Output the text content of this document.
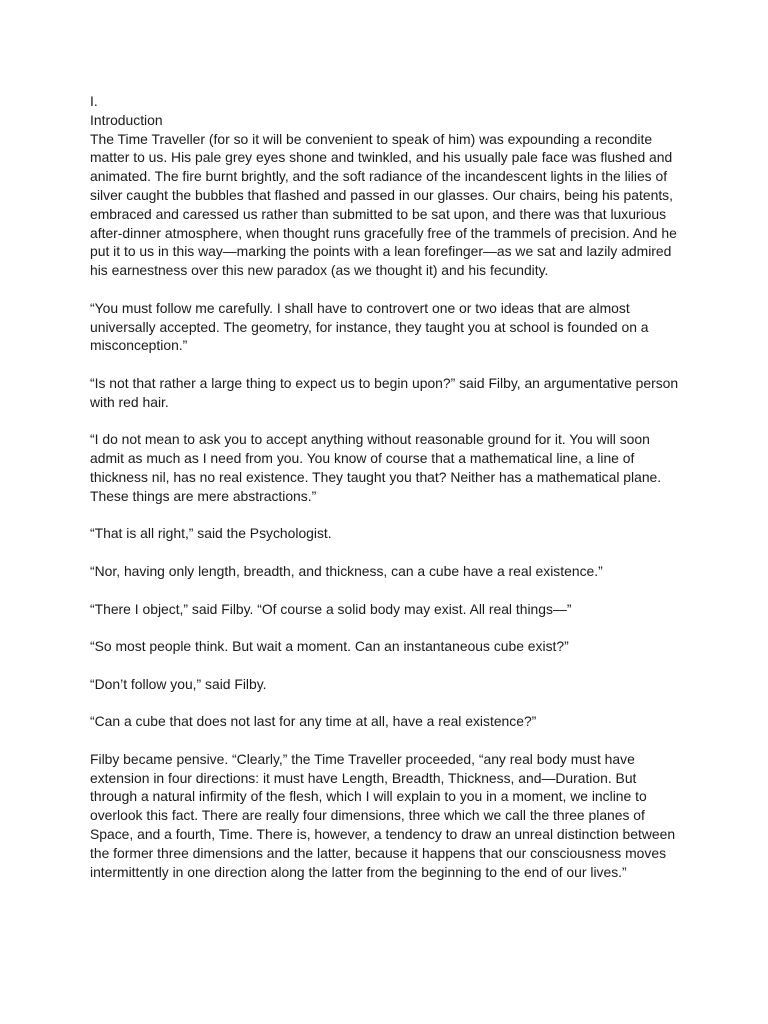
I.

Introduction

The Time Traveller (for so it will be convenient to speak of him) was expounding a recondite matter to us. His pale grey eyes shone and twinkled, and his usually pale face was flushed and animated. The fire burnt brightly, and the soft radiance of the incandescent lights in the lilies of silver caught the bubbles that flashed and passed in our glasses. Our chairs, being his patents, embraced and caressed us rather than submitted to be sat upon, and there was that luxurious after-dinner atmosphere, when thought runs gracefully free of the trammels of precision. And he put it to us in this way—marking the points with a lean forefinger—as we sat and lazily admired his earnestness over this new paradox (as we thought it) and his fecundity.

“You must follow me carefully. I shall have to controvert one or two ideas that are almost universally accepted. The geometry, for instance, they taught you at school is founded on a misconception.”

“Is not that rather a large thing to expect us to begin upon?” said Filby, an argumentative person with red hair.

“I do not mean to ask you to accept anything without reasonable ground for it. You will soon admit as much as I need from you. You know of course that a mathematical line, a line of thickness nil, has no real existence. They taught you that? Neither has a mathematical plane. These things are mere abstractions.”

“That is all right,” said the Psychologist.

“Nor, having only length, breadth, and thickness, can a cube have a real existence.”

“There I object,” said Filby. “Of course a solid body may exist. All real things—”

“So most people think. But wait a moment. Can an instantaneous cube exist?”

“Don’t follow you,” said Filby.

“Can a cube that does not last for any time at all, have a real existence?”

Filby became pensive. “Clearly,” the Time Traveller proceeded, “any real body must have extension in four directions: it must have Length, Breadth, Thickness, and—Duration. But through a natural infirmity of the flesh, which I will explain to you in a moment, we incline to overlook this fact. There are really four dimensions, three which we call the three planes of Space, and a fourth, Time. There is, however, a tendency to draw an unreal distinction between the former three dimensions and the latter, because it happens that our consciousness moves intermittently in one direction along the latter from the beginning to the end of our lives.”
